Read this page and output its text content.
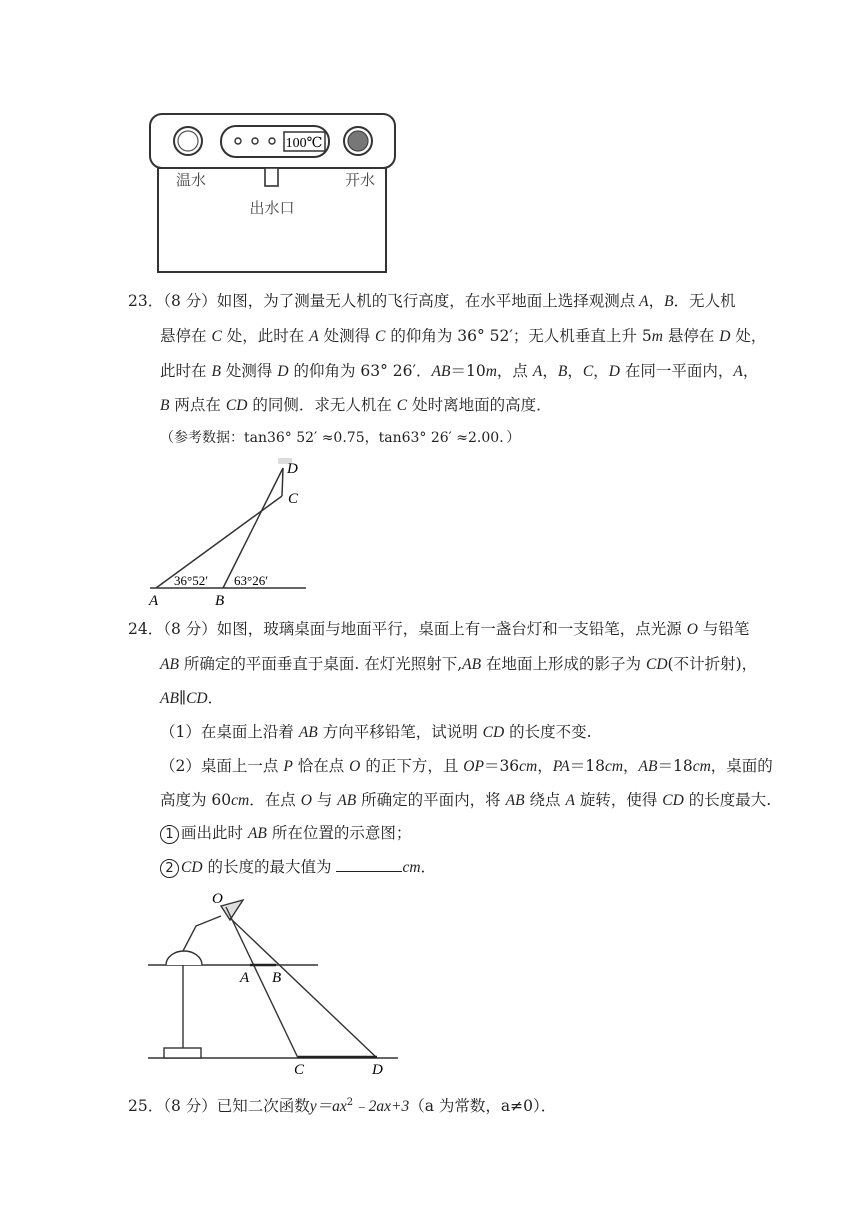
100℃
温水	开水
出水口
23．（8 分）如图，为了测量无人机的飞行高度，在水平地面上选择观测点 A，B．无人机
悬停在 C 处，此时在 A 处测得 C 的仰角为 36° 52′；无人机垂直上升 5m 悬停在 D 处，
此时在 B 处测得 D 的仰角为 63° 26′．AB＝10m，点 A，B，C，D 在同一平面内，A，
B 两点在 CD 的同侧．求无人机在 C 处时离地面的高度．
（参考数据：tan36° 52′ ≈0.75，tan63° 26′ ≈2.00．）
D
C
A	B
36°52′ 63°26′
24．（8 分）如图，玻璃桌面与地面平行，桌面上有一盏台灯和一支铅笔，点光源 O 与铅笔
AB 所确定的平面垂直于桌面. 在灯光照射下,AB 在地面上形成的影子为 CD(不计折射)，
AB∥CD．
（1）在桌面上沿着 AB 方向平移铅笔，试说明 CD 的长度不变.
（2）桌面上一点 P 恰在点 O 的正下方，且 OP＝36cm，PA＝18cm，AB＝18cm，桌面的
高度为 60cm．在点 O 与 AB 所确定的平面内，将 AB 绕点 A 旋转，使得 CD 的长度最大.
1 画出此时 AB 所在位置的示意图；
2 CD 的长度的最大值为	cm．
O
A B
C	D
25．（8 分）已知二次函数$y=ax^2﹣2ax+3(a$ 为常数，a≠0）．
